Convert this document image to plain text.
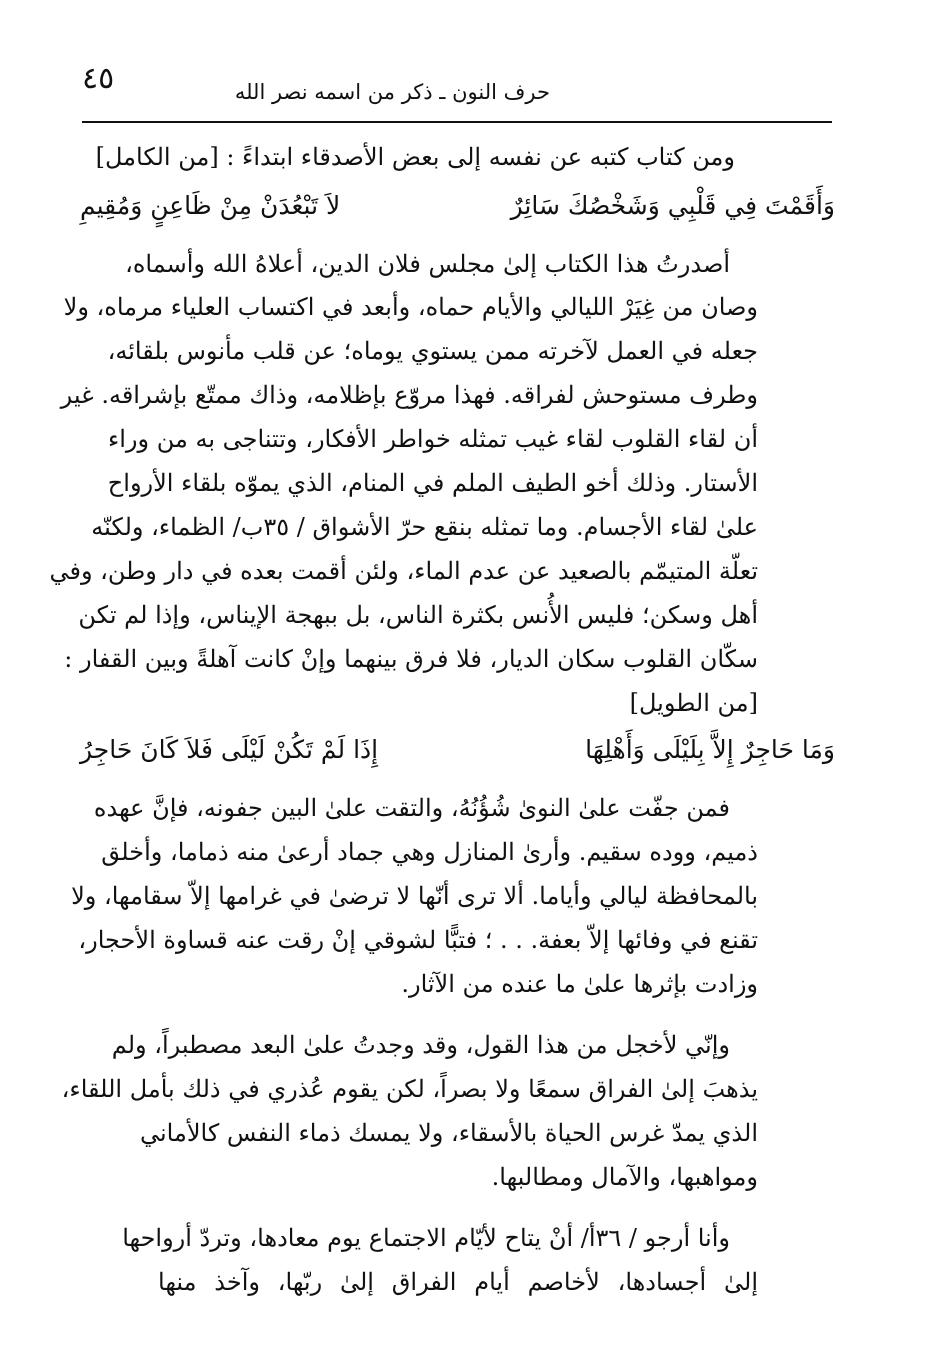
٤٥	حرف النون ـ ذكر من اسمه نصر الله
ومن كتاب كتبه عن نفسه إلى بعض الأصدقاء ابتداءً : [من الكامل]
وَأَقَمْتَ فِي قَلْبِي وَشَخْصُكَ سَائِرٌ
لاَ تَبْعُدَنْ مِنْ ظَاعِنٍ وَمُقِيمِ
أصدرتُ هذا الكتاب إلىٰ مجلس فلان الدين، أعلاهُ الله وأسماه،
وصان من غِيَرْ الليالي والأيام حماه، وأبعد في اكتساب العلياء مرماه، ولا
جعله في العمل لآخرته ممن يستوي يوماه؛ عن قلب مأنوس بلقائه،
وطرف مستوحش لفراقه. فهذا مروّع بإظلامه، وذاك ممتّع بإشراقه. غير
أن لقاء القلوب لقاء غيب تمثله خواطر الأفكار، وتتناجى به من وراء
الأستار. وذلك أخو الطيف الملم في المنام، الذي يموّه بلقاء الأرواح
علىٰ لقاء الأجسام. وما تمثله بنقع حرّ الأشواق / ٣٥ب/ الظماء، ولكنّه
تعلّة المتيمّم بالصعيد عن عدم الماء، ولئن أقمت بعده في دار وطن، وفي
أهل وسكن؛ فليس الأُنس بكثرة الناس، بل ببهجة الإيناس، وإذا لم تكن
سكّان القلوب سكان الديار، فلا فرق بينهما وإنْ كانت آهلةً وبين القفار :
[من الطويل]
وَمَا حَاجِرٌ إِلاَّ بِلَيْلَى وَأَهْلِهَا
إِذَا لَمْ تَكُنْ لَيْلَى فَلاَ كَانَ حَاجِرُ
فمن جفّت علىٰ النوىٰ شُؤُنُهُ، والتقت علىٰ البين جفونه، فإنَّ عهده
ذميم، ووده سقيم. وأرىٰ المنازل وهي جماد أرعىٰ منه ذماما، وأخلق
بالمحافظة ليالي وأياما. ألا ترى أنّها لا ترضىٰ في غرامها إلاّ سقامها، ولا
تقنع في وفائها إلاّ بعفة. . . ؛ فتبًّا لشوقي إنْ رقت عنه قساوة الأحجار،
وزادت بإثرها علىٰ ما عنده من الآثار.
وإنّي لأخجل من هذا القول، وقد وجدتُ علىٰ البعد مصطبراً، ولم
يذهبَ إلىٰ الفراق سمعًا ولا بصراً، لكن يقوم عُذري في ذلك بأمل اللقاء،
الذي يمدّ غرس الحياة بالأسقاء، ولا يمسك ذماء النفس كالأماني
ومواهبها، والآمال ومطالبها.
وأنا أرجو / ٣٦أ/ أنْ يتاح لأيّام الاجتماع يوم معادها، وتردّ أرواحها
إلىٰ أجسادها، لأخاصم أيام الفراق إلىٰ ربّها، وآخذ منها
